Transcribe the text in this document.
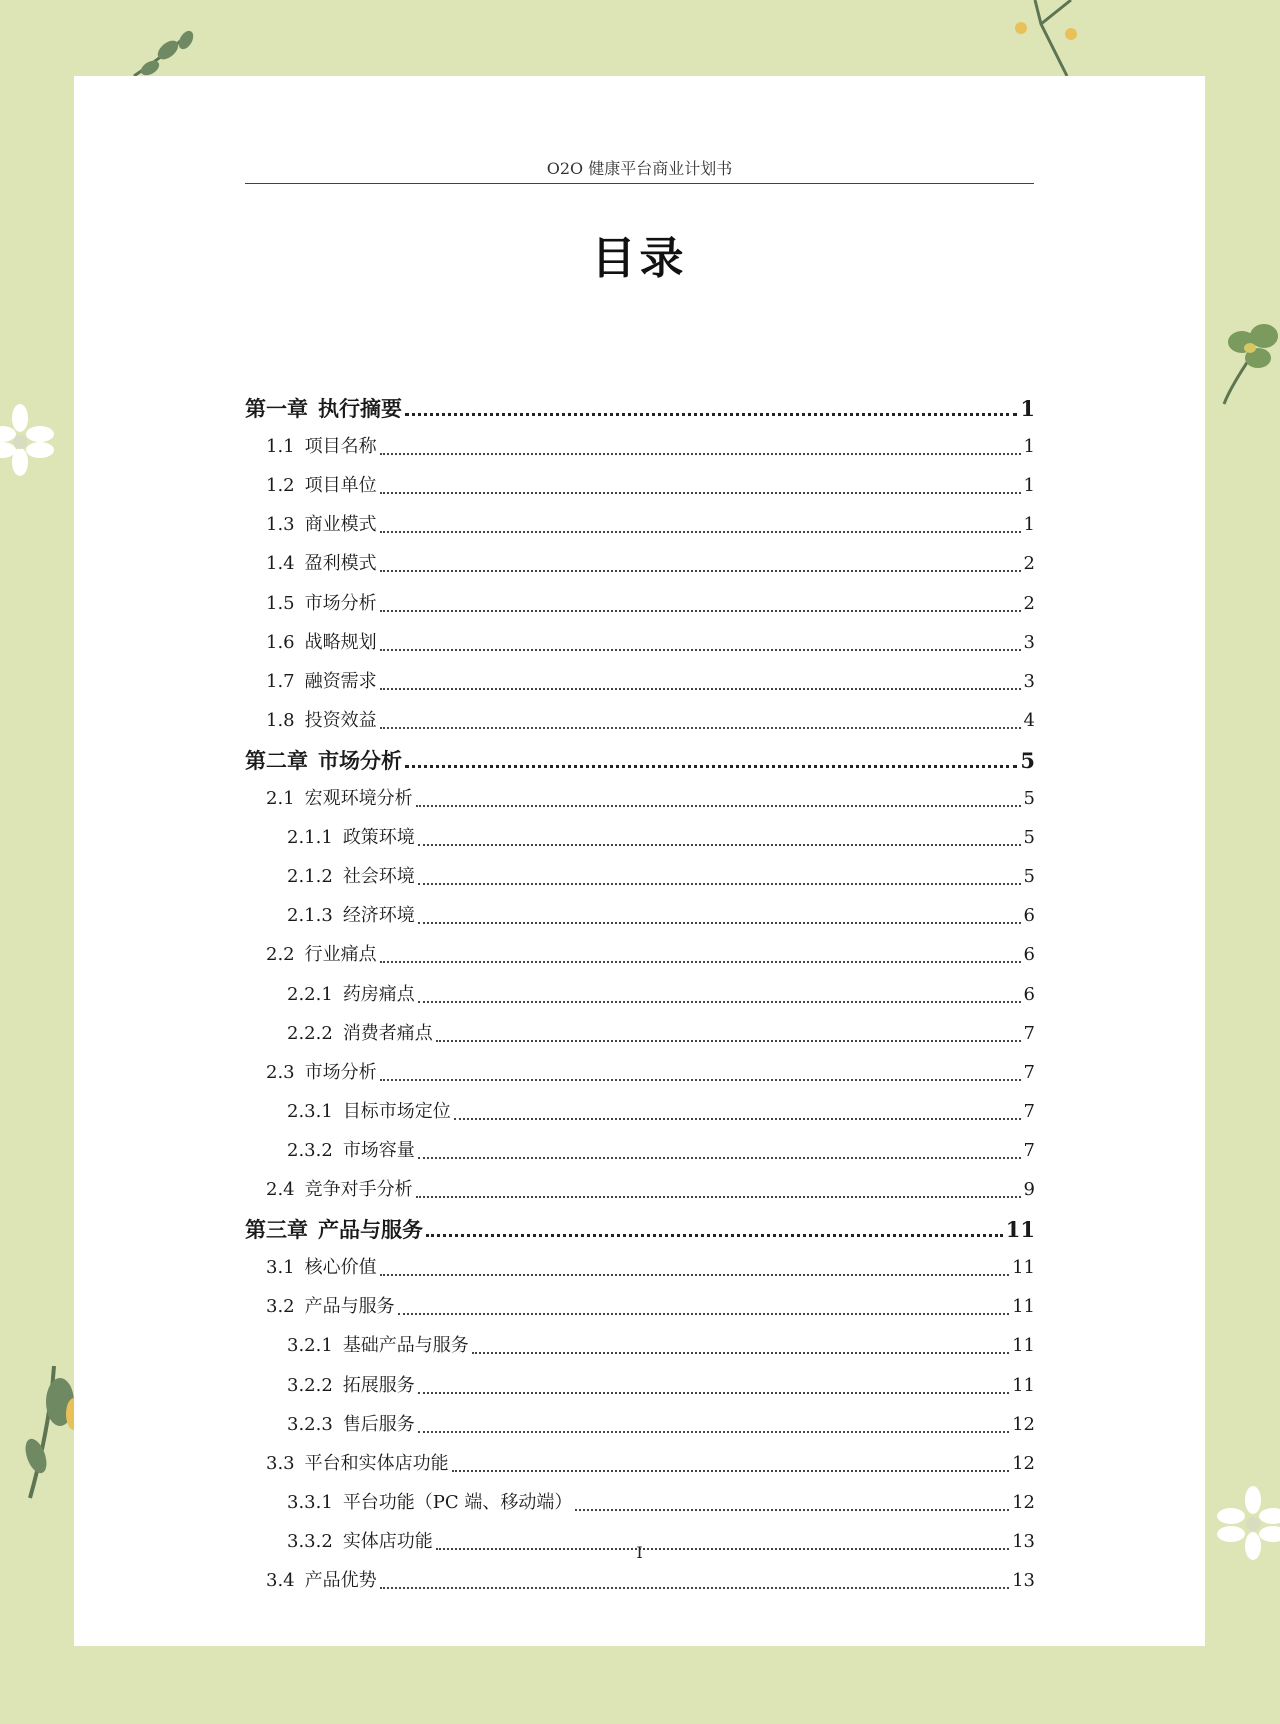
O2O 健康平台商业计划书
目录
第一章 执行摘要	1
1.1 项目名称	1
1.2 项目单位	1
1.3 商业模式	1
1.4 盈利模式	2
1.5 市场分析	2
1.6 战略规划	3
1.7 融资需求	3
1.8 投资效益	4
第二章 市场分析	5
2.1 宏观环境分析	5
2.1.1 政策环境	5
2.1.2 社会环境	5
2.1.3 经济环境	6
2.2 行业痛点	6
2.2.1 药房痛点	6
2.2.2 消费者痛点	7
2.3 市场分析	7
2.3.1 目标市场定位	7
2.3.2 市场容量	7
2.4 竞争对手分析	9
第三章 产品与服务	11
3.1 核心价值	11
3.2 产品与服务	11
3.2.1 基础产品与服务	11
3.2.2 拓展服务	11
3.2.3 售后服务	12
3.3 平台和实体店功能	12
3.3.1 平台功能（PC 端、移动端）	12
3.3.2 实体店功能	13
3.4 产品优势	13
I
